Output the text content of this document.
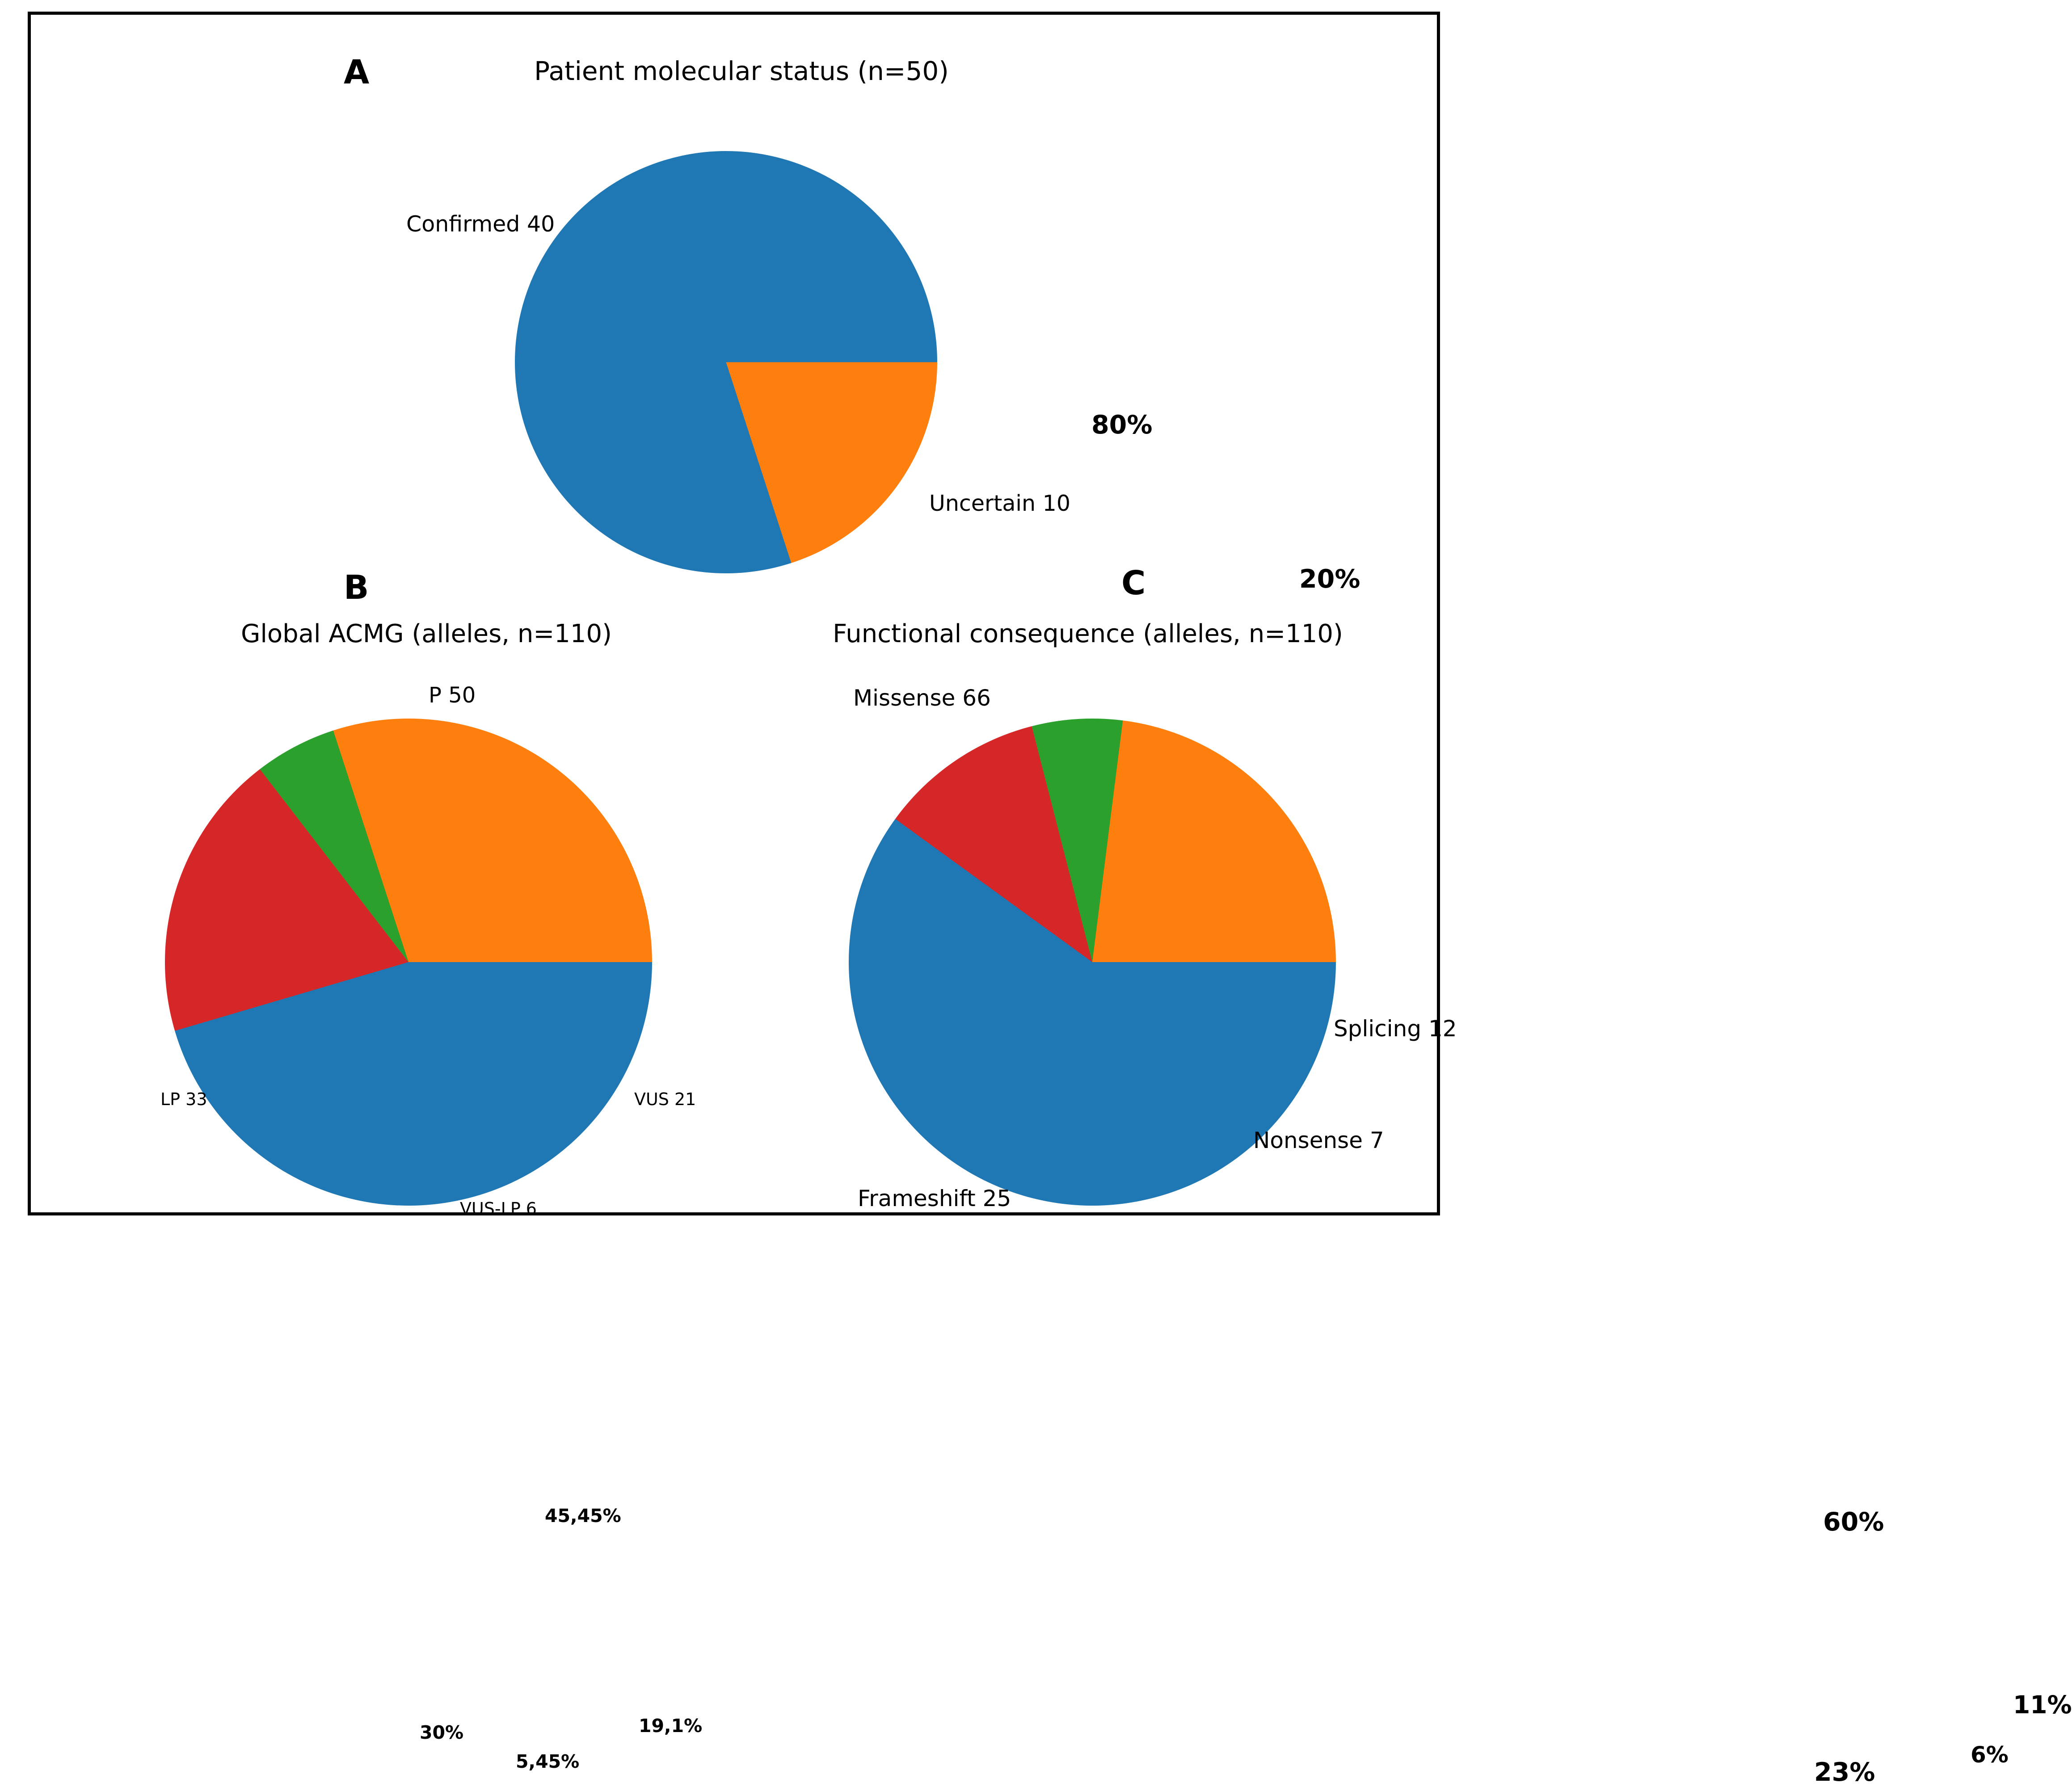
A	Patient molecular status (n=50)
80%
20%
Confirmed 40
Uncertain 10
B
Global ACMG (alleles, n=110)
45,45%
30%
5,45%
19,1%
P 50
LP 33
VUS-LP 6
VUS 21
C
Functional consequence (alleles, n=110)
60%
23%
6%
11%
Missense 66
Frameshift 25
Nonsense 7
Splicing 12
